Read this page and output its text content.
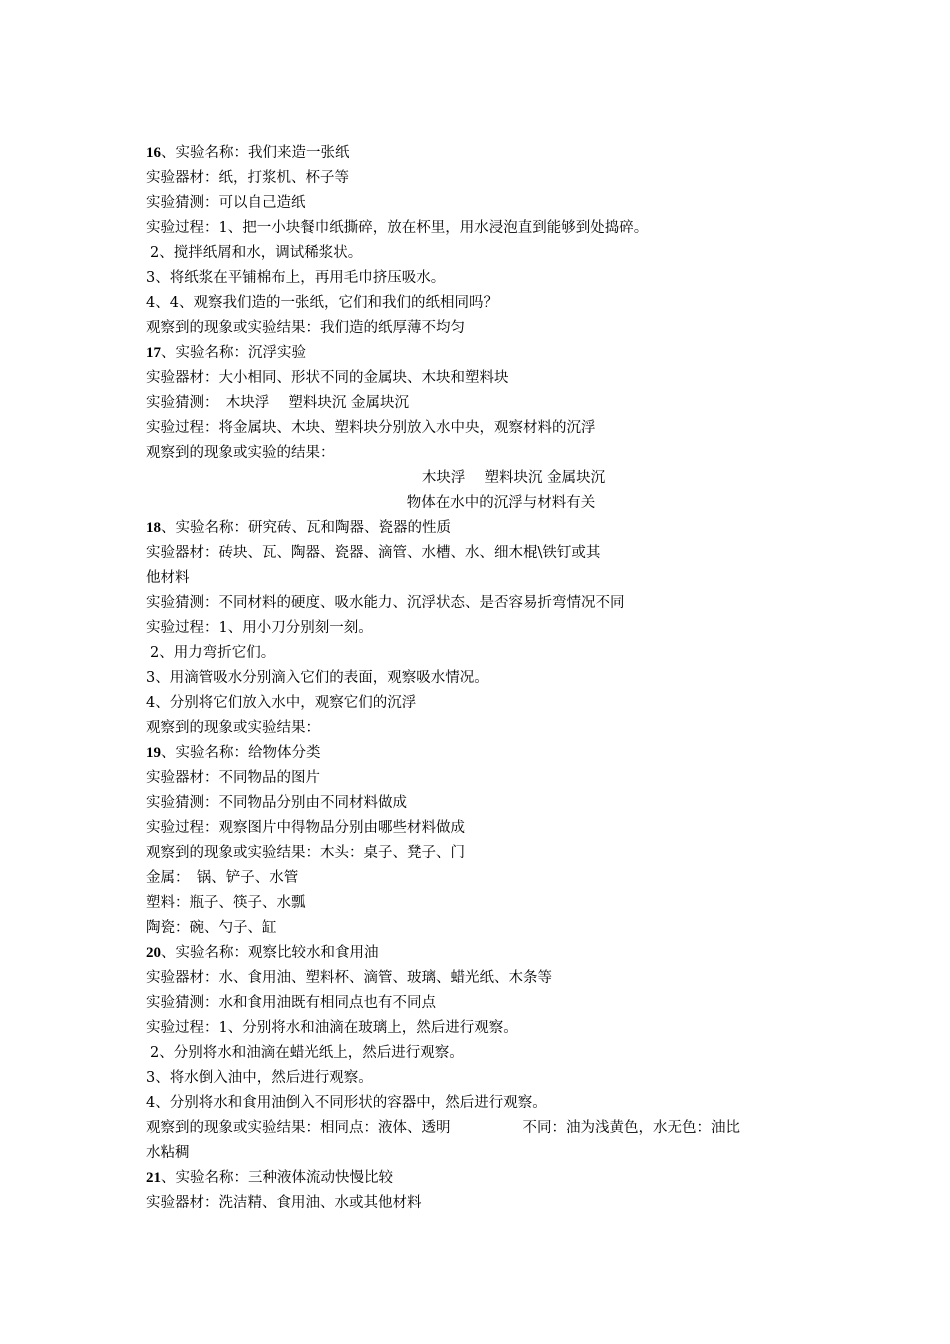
16、实验名称：我们来造一张纸
实验器材：纸，打浆机、杯子等
实验猜测：可以自己造纸
实验过程：1、把一小块餐巾纸撕碎，放在杯里，用水浸泡直到能够到处捣碎。
2、搅拌纸屑和水，调试稀浆状。
3、将纸浆在平铺棉布上，再用毛巾挤压吸水。
4、4、观察我们造的一张纸，它们和我们的纸相同吗？
观察到的现象或实验结果：我们造的纸厚薄不均匀
17、实验名称：沉浮实验
实验器材：大小相同、形状不同的金属块、木块和塑料块
实验猜测：　木块浮　 塑料块沉 金属块沉
实验过程：将金属块、木块、塑料块分别放入水中央，观察材料的沉浮
观察到的现象或实验的结果：
木块浮　 塑料块沉 金属块沉
物体在水中的沉浮与材料有关
18、实验名称：研究砖、瓦和陶器、瓷器的性质
实验器材：砖块、瓦、陶器、瓷器、滴管、水槽、水、细木棍\铁钉或其
他材料
实验猜测：不同材料的硬度、吸水能力、沉浮状态、是否容易折弯情况不同
实验过程：1、用小刀分别刻一刻。
2、用力弯折它们。
3、用滴管吸水分别滴入它们的表面，观察吸水情况。
4、分别将它们放入水中，观察它们的沉浮
观察到的现象或实验结果：
19、实验名称：给物体分类
实验器材：不同物品的图片
实验猜测：不同物品分别由不同材料做成
实验过程：观察图片中得物品分别由哪些材料做成
观察到的现象或实验结果：木头：桌子、凳子、门
金属：　锅、铲子、水管
塑料：瓶子、筷子、水瓢
陶瓷：碗、勺子、缸
20、实验名称：观察比较水和食用油
实验器材：水、食用油、塑料杯、滴管、玻璃、蜡光纸、木条等
实验猜测：水和食用油既有相同点也有不同点
实验过程：1、分别将水和油滴在玻璃上，然后进行观察。
2、分别将水和油滴在蜡光纸上，然后进行观察。
3、将水倒入油中，然后进行观察。
4、分别将水和食用油倒入不同形状的容器中，然后进行观察。
观察到的现象或实验结果：相同点：液体、透明	不同：油为浅黄色，水无色：油比
水粘稠
21、实验名称：三种液体流动快慢比较
实验器材：洗洁精、食用油、水或其他材料
